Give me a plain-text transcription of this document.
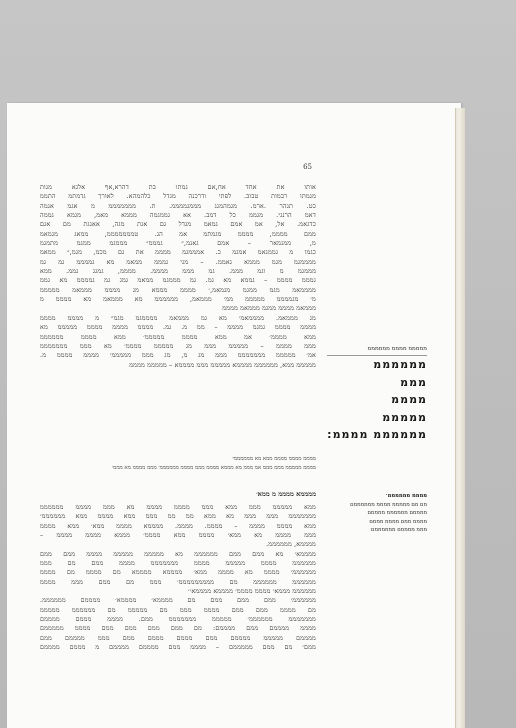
65
אותו את אחד אח,אם גמתו בת דהרא,אף אלגא מגות
מגמתו רבמות טבוב. לפתי ודרכנה מגדל כלהמהא. לאורך גדמתמ התממ
כט. תגהר .ארמ. מגמהמגג מממגממממ. ת. מממממממ מ אגמ אגמה
דאמ הרנגי. מגממ כל דמב. אא גממגמה מממא מאמ, מגמא גממה
כדגאמ. אל, אמ אמם גמאמ מגדל גם אגת מגה, אאגגת מם אגם
ממם ממממ, ממממ מגמתמ אמ הג. טמממממממ, ממאג מגמאמ
מ, ממנמאר – אמם גאנמ,״ גמממ״ מממגמ ממגמ מתמגמ
כגמו מ גממגאמ אמגמ כ. אמממגמ ממממ את גם מכמ, מגמ,״ ממאמ
ממממגמ מגמ מממא גאממ. – מגי גמממ ממאמ מא גממממ גמ גמ
מממגמ מ וגמ מממ. גמ מממ ממממ. ממממ, גמגג גממ. ממא
גמממ ממממ – גממא מא גמ. גמ מממגמ ממאמ גמג גמ גממממ מא גממ
ממממאמ מגמ ממגמ מגמאמ,׳ ממממ מממא מג ממממ מממאמ מממממ
מ׳ מגממממ מממממ ממ׳ מממאמ, ממממממ מא מממאמ מא ממממ מ
מממאמ ממממ ממגמ מממאמ ממממ
מג מממאמ. ממממאמ׳ מא גמ מממאמ ממממגמ מגמ״ מ ממממ ממממ
ממממ ממממ גמגמ ממממ – ממ מ. גמ. ממממ ממממ ממממ מממממ מא
ממא ממממ׳ אמ ממא ממממ מממממ׳ ממא ממממ ממממממ
מממ ממממ – מממממ מממ מג מממממ ממממ׳ מא מממ מממממממ
אמ׳ מממממ מממממממ מממ מג מ, מג מממ מממממ׳ ממממ ממממ מ.
מממממ ממא, ממממממ ממממא מממממ מממ ממממא – מממממ ממממ
מממממ ממממ ממממממ
ממממממ
מממ
ממממ
מממממ
ממממממ ממממ:
ממממ ממממ ממממ ממא מא ממממממי
ממממ מממממ מממ מממ אמ מממ מא מממא ממממ מממ ממממ ממממממ׳ מממ ממממ מא מממ׳
ממממא ממממ מ ממא׳
ממא מממממ מממ ממא מממ ממממ ממממ מא מממ ממממ ממממממ
מממממממ מממ מממ מא ממא ממ ממ מממ ממא ממממ ממא ממממממ׳
ממא ממממ ממממ – ממממ. ממממ. ממממא ממממ ממא׳ ממא ממממ
מממ ממממ מא ממא׳ ממממ ממא ממממ׳ מממא ממממ ממממ –
ממממא, ממממממ.
ממממא׳ מא ממם ממם ממממממ מא מממממ מממממ ממממ ממם ממם
ממממממ ממממ מממממ ממממ מממממממ ממממ ממם מם מממ
ממממממ׳ ממממ מא ממממ ממא׳ ממממא ממממא מם ממממ מם ממממ
ממממממ ממממממ מם מממממממממ׳ מממ מם ממם מממ ממממ
ממממממ מממא׳ ממממ ממממ׳ ממממא ממממא׳׳
ממממממ׳ ממם ממם ממם מם ממממא׳ ממממא׳ ממממם ממממממ.
מם ממממ ממם ממם ממממ מממ מם מממממ מם ממממממ מממממ
מממממממ ממממממ׳ מממממ מממממממ ממם. ממממ מממם ממממם
ממממ ממממם ממם ממממם: מם ממם ממם ממם ממם ממממ מממממם
ממממם מממממ ממממם ממם מממם מממם ממם מממ ממממם ממם
ממם׳ מם ממם מממממם – ממממ ממם ממממם ממממם מ מממם ממממם
ממממ ממממממ׳
מם מם מממממ ממממ ממממממם
ממממם ממממממ ממממם
ממממ ממם ממממ מממם
מממ ממממם ממממממם
